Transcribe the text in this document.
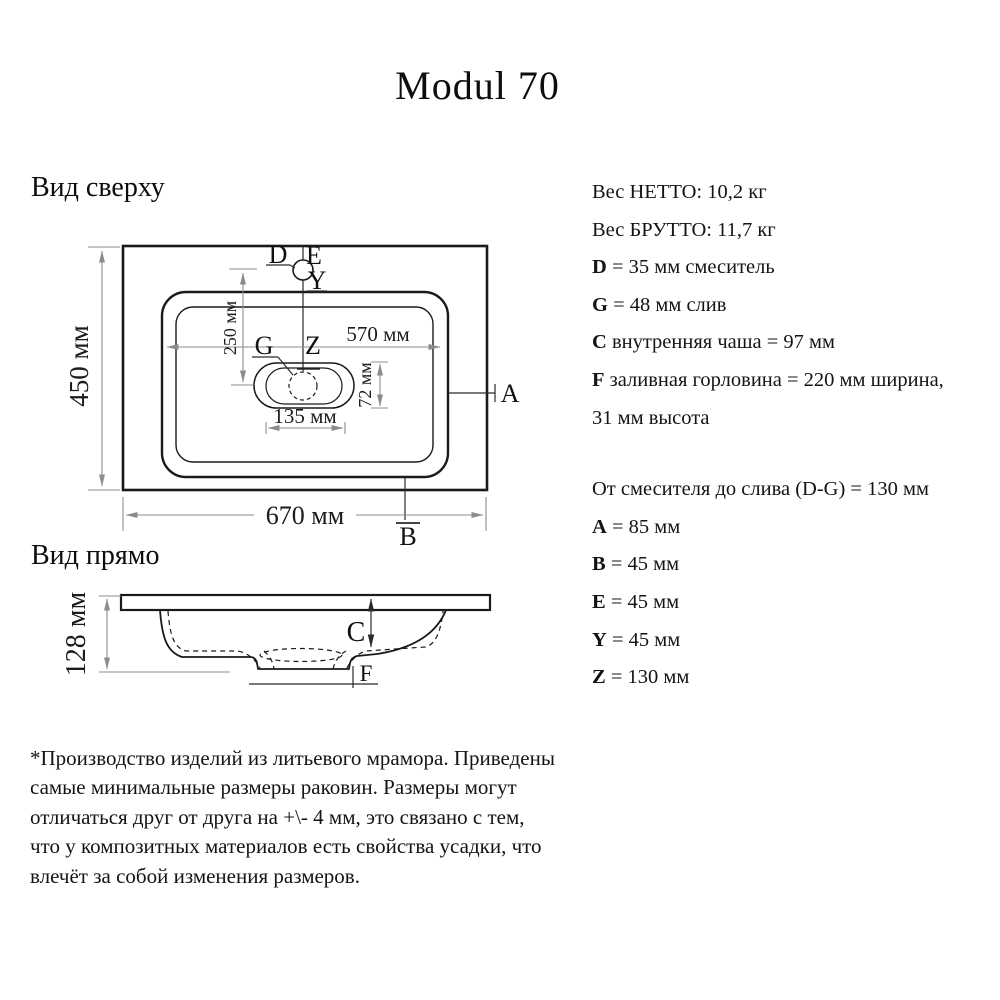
Modul 70
Вид сверху
450 мм
670 мм
570 мм
250 мм
72 мм
135 мм
D E
Y
G Z
A
B
Вид прямо
C
F
128 мм
Вес НЕТТО: 10,2 кг
Вес БРУТТО: 11,7 кг
D = 35 мм смеситель
G = 48 мм слив
C внутренняя чаша = 97 мм
F заливная горловина = 220 мм ширина,
31 мм высота
От смесителя до слива (D-G) = 130 мм
A = 85 мм
B = 45 мм
E = 45 мм
Y = 45 мм
Z = 130 мм
*Производство изделий из литьевого мрамора. Приведены
самые минимальные размеры раковин. Размеры могут
отличаться друг от друга на +\- 4 мм, это связано с тем,
что у композитных материалов есть свойства усадки, что
влечёт за собой изменения размеров.
